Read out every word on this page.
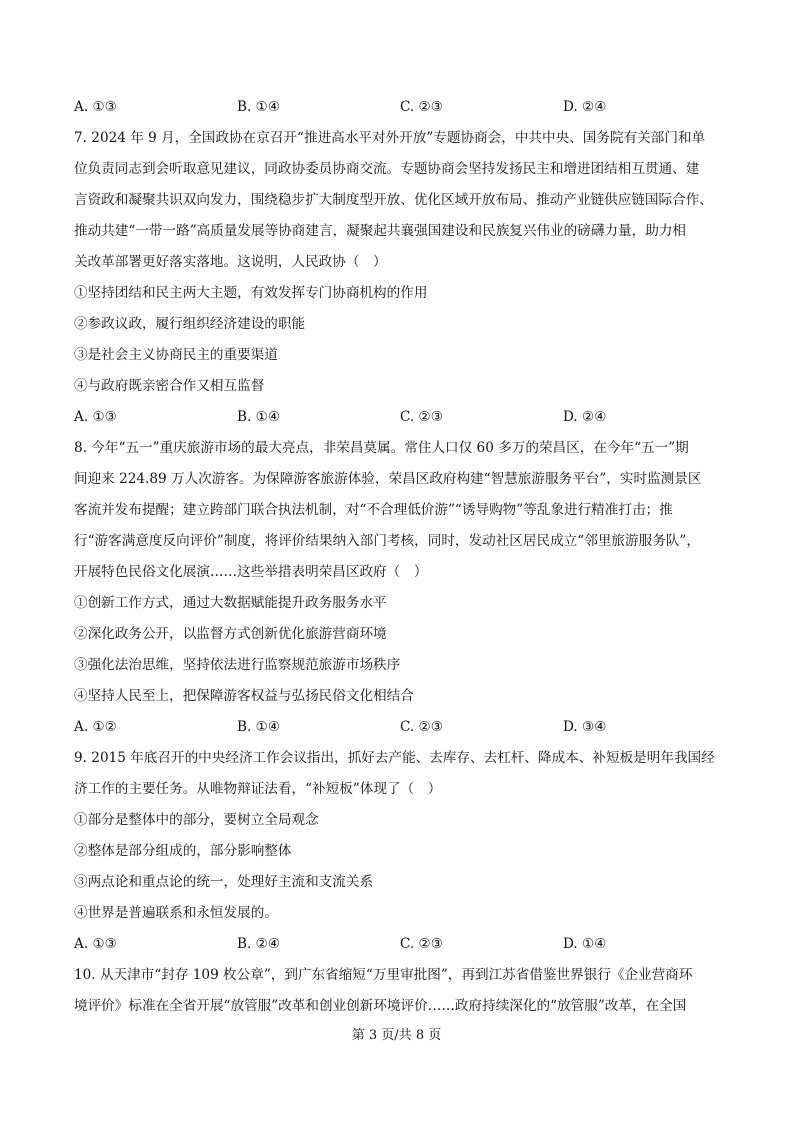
A. ①③	B. ①④	C. ②③	D. ②④
7. 2024 年 9 月，全国政协在京召开“推进高水平对外开放”专题协商会，中共中央、国务院有关部门和单
位负责同志到会听取意见建议，同政协委员协商交流。专题协商会坚持发扬民主和增进团结相互贯通、建
言资政和凝聚共识双向发力，围绕稳步扩大制度型开放、优化区域开放布局、推动产业链供应链国际合作、
推动共建“一带一路”高质量发展等协商建言，凝聚起共襄强国建设和民族复兴伟业的磅礴力量，助力相
关改革部署更好落实落地。这说明，人民政协（　）
①坚持团结和民主两大主题，有效发挥专门协商机构的作用
②参政议政，履行组织经济建设的职能
③是社会主义协商民主的重要渠道
④与政府既亲密合作又相互监督
A. ①③	B. ①④	C. ②③	D. ②④
8. 今年“五一”重庆旅游市场的最大亮点，非荣昌莫属。常住人口仅 60 多万的荣昌区，在今年“五一”期
间迎来 224.89 万人次游客。为保障游客旅游体验，荣昌区政府构建“智慧旅游服务平台”，实时监测景区
客流并发布提醒；建立跨部门联合执法机制，对“不合理低价游”“诱导购物”等乱象进行精准打击；推
行“游客满意度反向评价”制度，将评价结果纳入部门考核，同时，发动社区居民成立“邻里旅游服务队”，
开展特色民俗文化展演……这些举措表明荣昌区政府（　）
①创新工作方式，通过大数据赋能提升政务服务水平
②深化政务公开，以监督方式创新优化旅游营商环境
③强化法治思维，坚持依法进行监察规范旅游市场秩序
④坚持人民至上，把保障游客权益与弘扬民俗文化相结合
A. ①②	B. ①④	C. ②③	D. ③④
9. 2015 年底召开的中央经济工作会议指出，抓好去产能、去库存、去杠杆、降成本、补短板是明年我国经
济工作的主要任务。从唯物辩证法看，“补短板”体现了（　）
①部分是整体中的部分，要树立全局观念
②整体是部分组成的，部分影响整体
③两点论和重点论的统一，处理好主流和支流关系
④世界是普遍联系和永恒发展的。
A. ①③	B. ②④	C. ②③	D. ①④
10. 从天津市“封存 109 枚公章”，到广东省缩短“万里审批图”，再到江苏省借鉴世界银行《企业营商环
境评价》标准在全省开展“放管服”改革和创业创新环境评价……政府持续深化的“放管服”改革，在全国
第 3 页/共 8 页
